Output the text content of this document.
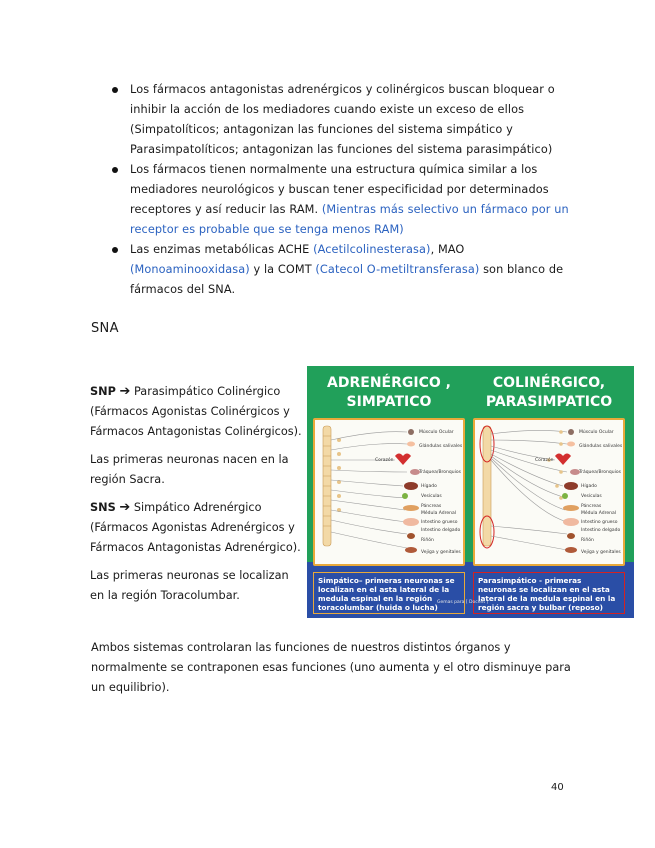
Los fármacos antagonistas adrenérgicos y colinérgicos buscan bloquear o inhibir la acción de los mediadores cuando existe un exceso de ellos (Simpatolíticos; antagonizan las funciones del sistema simpático y Parasimpatolíticos; antagonizan las funciones del sistema parasimpático)
Los fármacos tienen normalmente una estructura química similar a los mediadores neurológicos y buscan tener especificidad por determinados receptores y así reducir las RAM. (Mientras más selectivo un fármaco por un receptor es probable que se tenga menos RAM)
Las enzimas metabólicas ACHE (Acetilcolinesterasa), MAO (Monoaminooxidasa) y la COMT (Catecol O-metiltransferasa) son blanco de fármacos del SNA.
SNA

SNP ➔ Parasimpático Colinérgico (Fármacos Agonistas Colinérgicos y Fármacos Antagonistas Colinérgicos).

Las primeras neuronas nacen en la región Sacra.

SNS ➔ Simpático Adrenérgico (Fármacos Agonistas Adrenérgicos y Fármacos Antagonistas Adrenérgico).

Las primeras neuronas se localizan en la región Toracolumbar.

ADRENÉRGICO ,
SIMPATICO
COLINÉRGICO,
PARASIMPATICO
Músculo Ocular
Glándulas salivales
Corazón
Tráquea/Bronquios
Hígado
Vesículas
Páncreas
Médula Adrenal
Intestino grueso
Intestino delgado
Riñón
Vejiga y genitales
Músculo Ocular
Glándulas salivales
Corazón
Tráquea/Bronquios
Hígado
Vesículas
Páncreas
Médula Adrenal
Intestino grueso
Intestino delgado
Riñón
Vejiga y genitales
Simpático– primeras neuronas se localizan en el asta lateral de la medula espinal en la región toracolumbar (huida o lucha)
Parasimpático - primeras neuronas se localizan en el asta lateral de la medula espinal en la región sacra y bulbar (reposo)
Gemas para [ Docent ]
Ambos sistemas controlaran las funciones de nuestros distintos órganos y normalmente se contraponen esas funciones (uno aumenta y el otro disminuye para un equilibrio).
40
